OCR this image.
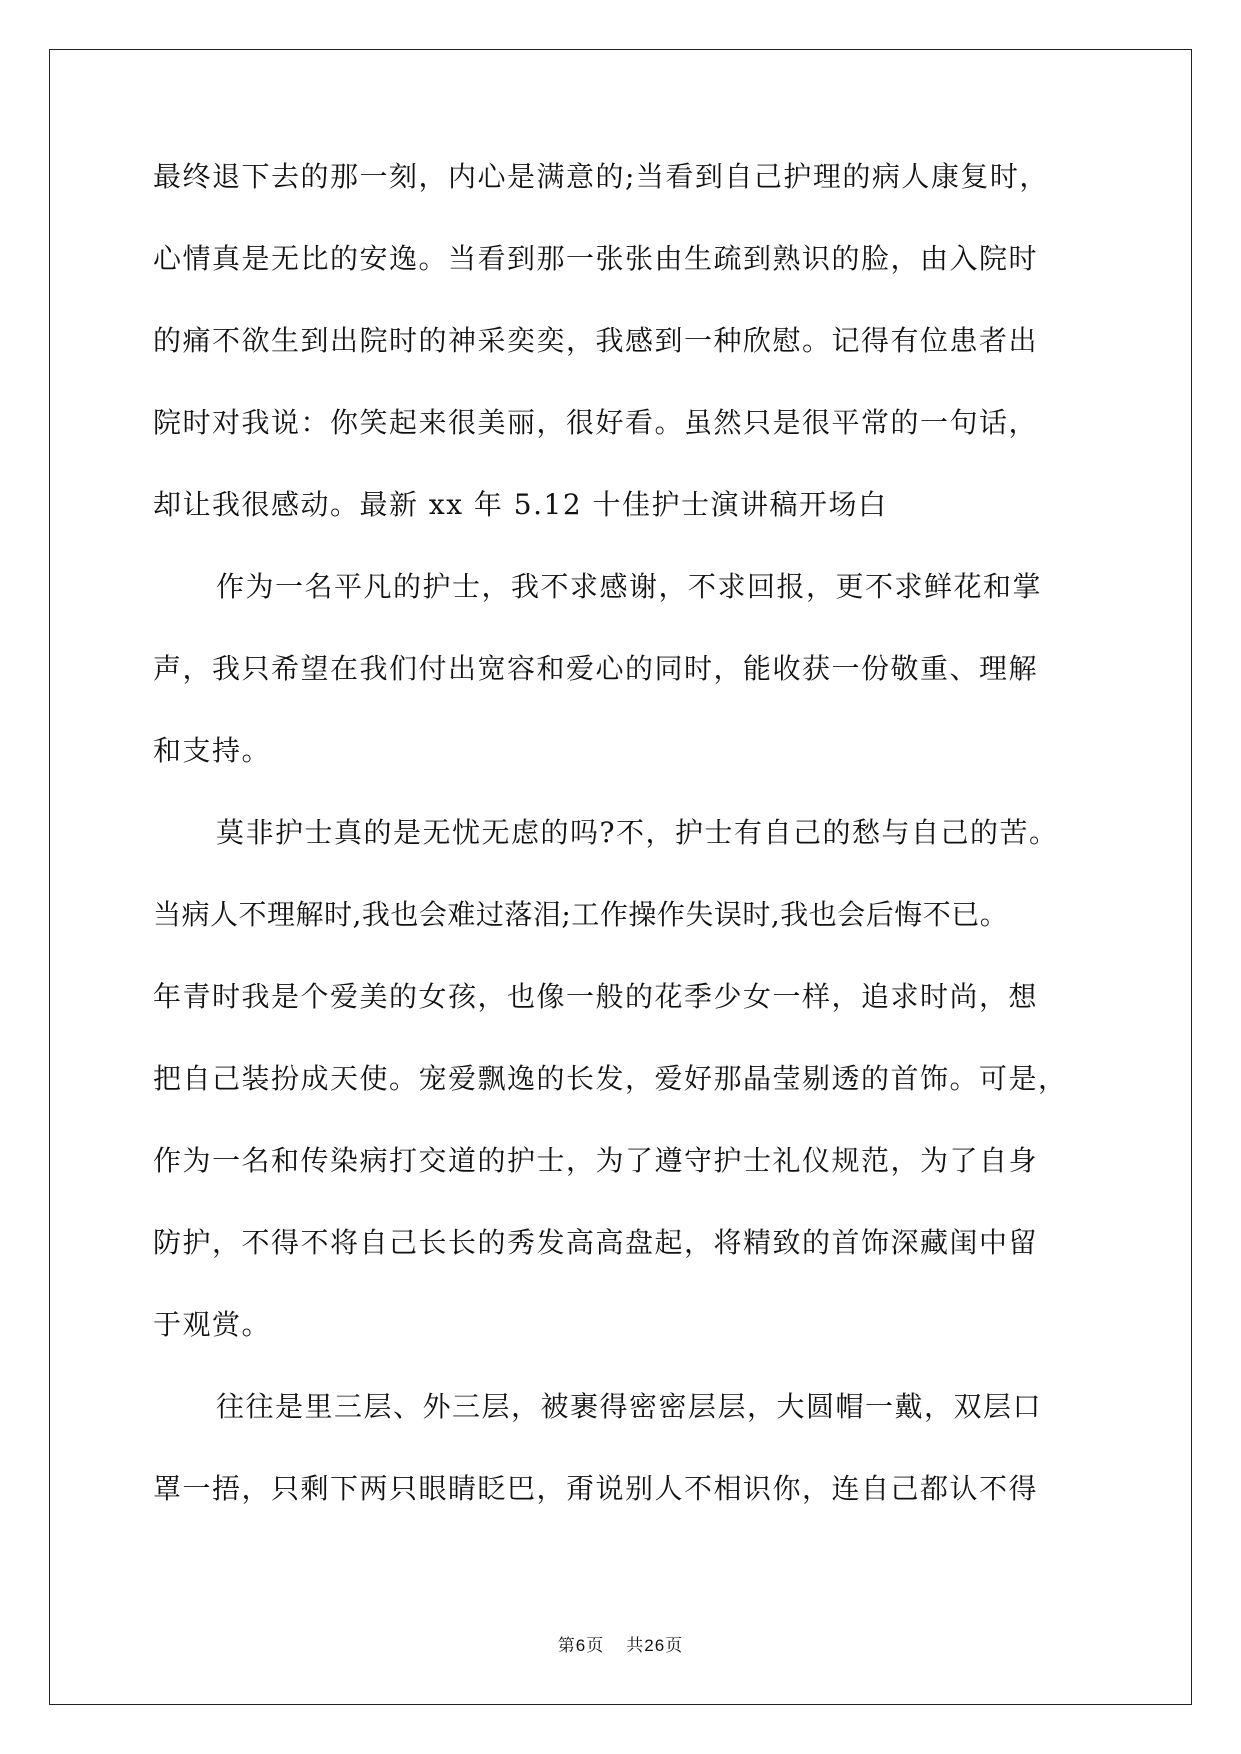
最终退下去的那一刻，内心是满意的;当看到自己护理的病人康复时，
心情真是无比的安逸。当看到那一张张由生疏到熟识的脸，由入院时
的痛不欲生到出院时的神采奕奕，我感到一种欣慰。记得有位患者出
院时对我说：你笑起来很美丽，很好看。虽然只是很平常的一句话，
却让我很感动。最新 xx 年 5.12 十佳护士演讲稿开场白
作为一名平凡的护士，我不求感谢，不求回报，更不求鲜花和掌
声，我只希望在我们付出宽容和爱心的同时，能收获一份敬重、理解
和支持。
莫非护士真的是无忧无虑的吗?不，护士有自己的愁与自己的苦。
当病人不理解时,我也会难过落泪;工作操作失误时,我也会后悔不已。
年青时我是个爱美的女孩，也像一般的花季少女一样，追求时尚，想
把自己装扮成天使。宠爱飘逸的长发，爱好那晶莹剔透的首饰。可是，
作为一名和传染病打交道的护士，为了遵守护士礼仪规范，为了自身
防护，不得不将自己长长的秀发高高盘起，将精致的首饰深藏闺中留
于观赏。
往往是里三层、外三层，被裹得密密层层，大圆帽一戴，双层口
罩一捂，只剩下两只眼睛眨巴，甭说别人不相识你，连自己都认不得
第6页 共26页
